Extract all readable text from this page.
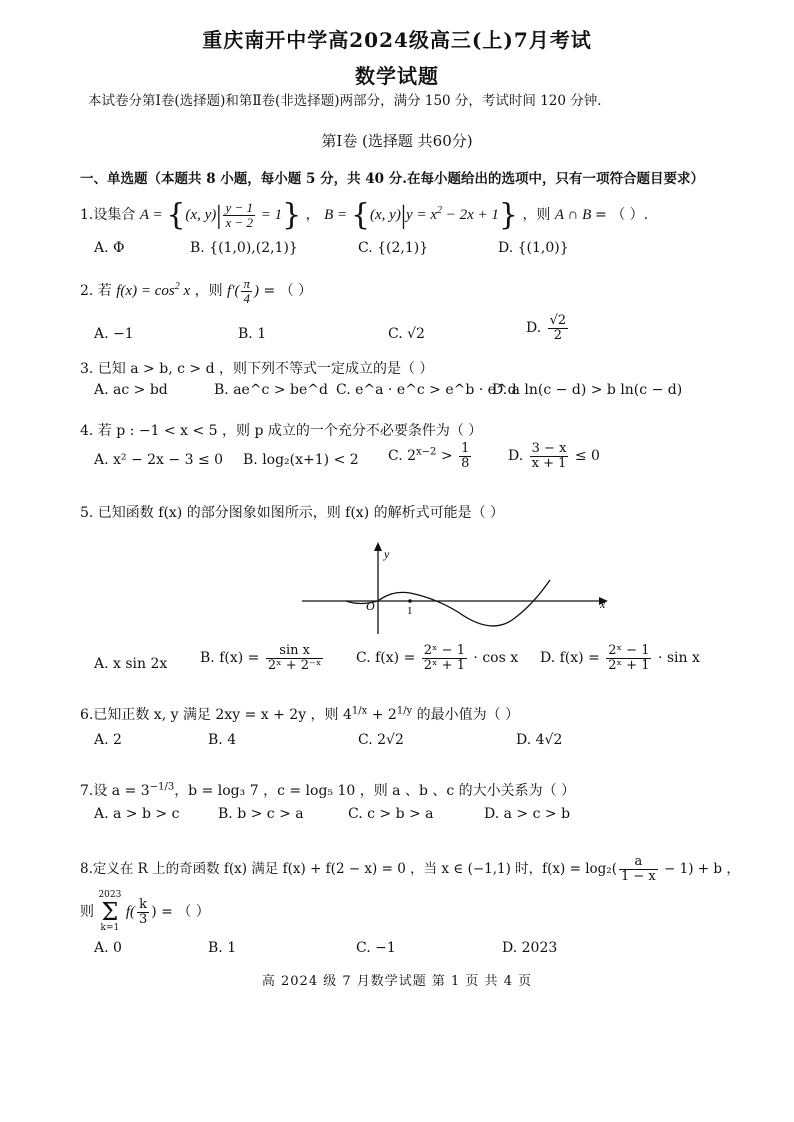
重庆南开中学高2024级高三(上)7月考试
数学试题
本试卷分第Ⅰ卷(选择题)和第Ⅱ卷(非选择题)两部分，满分 150 分，考试时间 120 分钟.
第Ⅰ卷 (选择题 共60分)
一、单选题（本题共 8 小题，每小题 5 分，共 40 分.在每小题给出的选项中，只有一项符合题目要求）
1.设集合 A = {(x, $y)| \frac{y - 1}{x - 2} = 1$} ， B = {(x, $y)|y = x^2 - 2x + 1$} ，则 A ∩ B = （ ）.
A. Φ	B. {(1,0),(2,1)}	C. {(2,1)}	D. {(1,0)}
2. 若 $f(x) = \cos^2 x$ ，则 $f'( \frac{\pi}{4}$ ) = （ ）
A. −1	B. 1	C. √2	D. $\frac{√2}{2}$
3. 已知 a > b, c > d ，则下列不等式一定成立的是（ ）
A. ac > bd	B. ae^c > be^d C. e^a · e^c > e^b · e^d
D. a ln(c − d) > b ln(c − d)
4. 若 p : −1 < x < 5 ，则 p 成立的一个充分不必要条件为（ ）
A. x² − 2x − 3 ≤ 0 B. log₂(x+1) < 2 C. $2^{x-2} > \frac{1}{8}$	D. $\frac{3 - x}{x + 1} \le 0$
5. 已知函数 f(x) 的部分图象如图所示，则 f(x) 的解析式可能是（ ）
y
x
O	1
A. x sin 2x B. $f(x) = \frac{\text{sin x}}{\text{2ˣ + 2⁻ˣ}} C$. $f(x) = \frac{\text{2ˣ − 1}}{\text{2ˣ + 1}} \cdot \cos x$ D. $f(x) = \frac{\text{2ˣ − 1}}{\text{2ˣ + 1}} \cdot \sin x$
6.已知正数 x, y 满足 2xy = x + 2y ，则 $4^{1/x} + 2^{1/y}$ 的最小值为（ ）
A. 2	B. 4	C. 2√2	D. 4√2
7.设 $a = 3^{-1/3}$，b = log₃ 7 ，c = log₅ 10 ，则 a 、b 、c 的大小关系为（ ）
A. a > b > c	B. b > c > a	C. c > b > a	D. a > c > b
8.定义在 R 上的奇函数 f(x) 满足 f(x) + f(2 − x) = 0 ，当 x ∈ (−1,1) 时，$f(x) = \log_2( \frac{a}{1 - x} - 1) + b$ ，
则
2023
Σ
k=1
$f( \frac{k}{3}$ ) = （ ）
A. 0	B. 1	C. −1	D. 2023
高 2024 级 7 月数学试题 第 1 页 共 4 页
